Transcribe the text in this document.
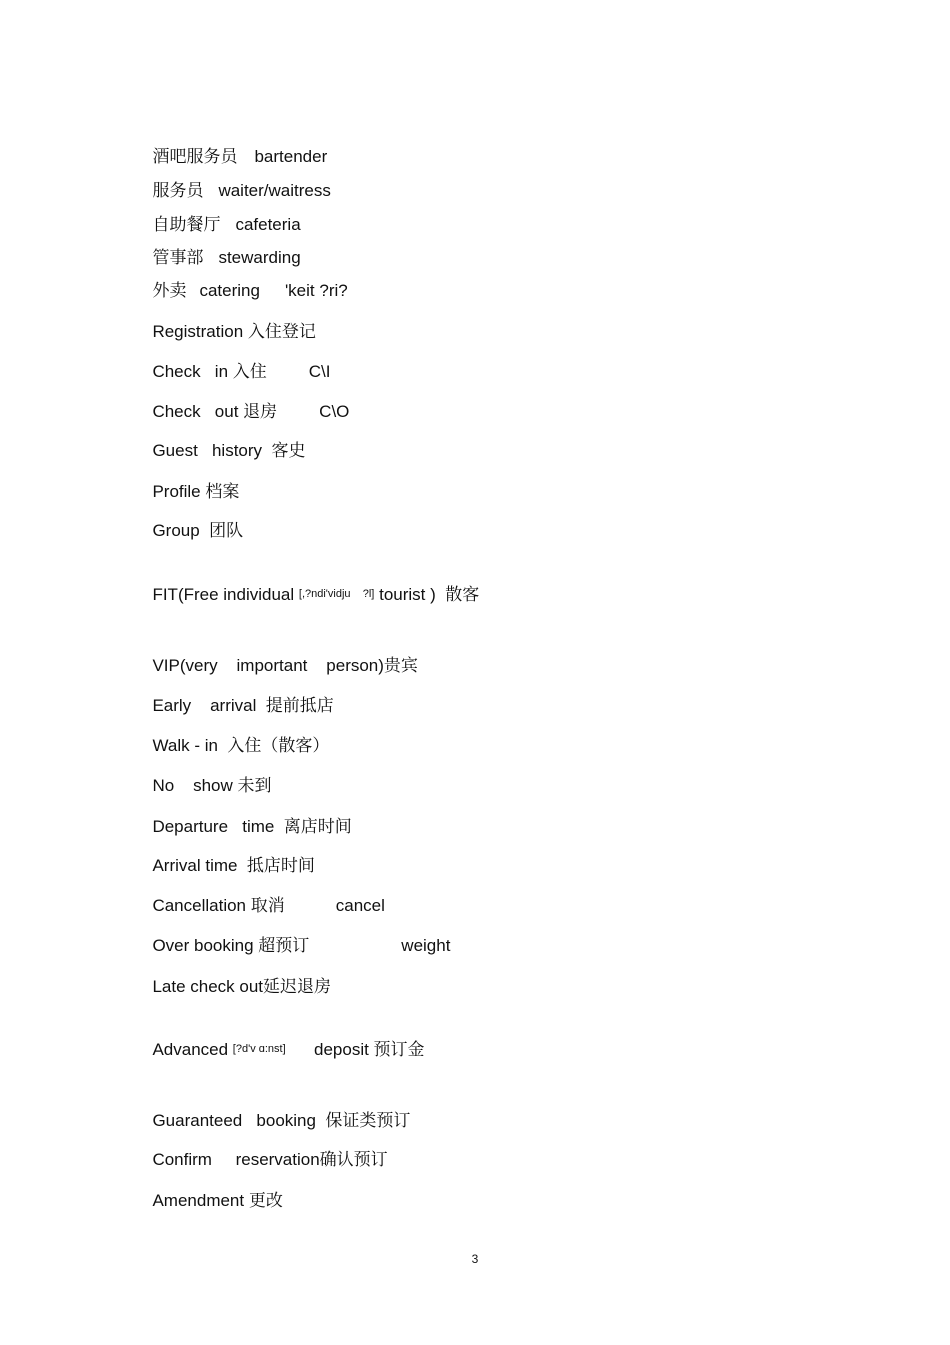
酒吧服务员 bartender

服务员 waiter/waitress

自助餐厅 cafeteria

管事部 stewarding

外卖 catering 'keit ?ri?

Registration 入住登记

Check   in 入住 C\I

Check   out 退房 C\O

Guest   history  客史

Profile 档案

Group  团队

FIT(Free individual [,?ndi'vidju    ?l] tourist )  散客

VIP(very    important    person)贵宾

Early    arrival  提前抵店

Walk - in  入住（散客）

No    show 未到

Departure   time  离店时间

Arrival time  抵店时间

Cancellation 取消	cancel

Over booking 超预订	weight

Late check out延迟退房

Advanced [?d'v ɑ:nst]      deposit 预订金

Guaranteed   booking  保证类预订

Confirm     reservation确认预订

Amendment 更改

3
